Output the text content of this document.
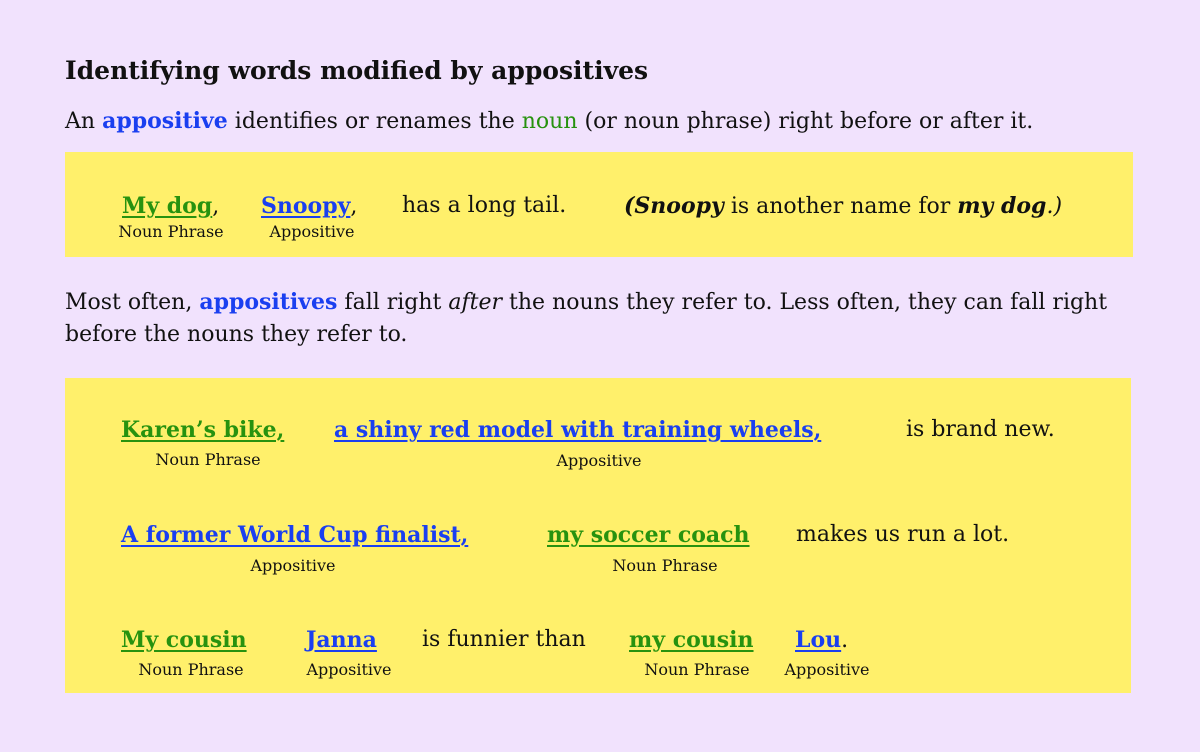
Identifying words modified by appositives
An appositive identifies or renames the noun (or noun phrase) right before or after it.
My dog, Snoopy, has a long tail.	(Snoopy is another name for my dog.)
Noun Phrase	Appositive
Most often, appositives fall right after the nouns they refer to. Less often, they can fall right before the nouns they refer to.
Karen’s bike, a shiny red model with training wheels,	is brand new.
Noun Phrase	Appositive
A former World Cup finalist,	my soccer coach makes us run a lot.
Appositive	Noun Phrase
My cousin	Janna is funnier than my cousin Lou.
Noun Phrase	Appositive	Noun Phrase Appositive
